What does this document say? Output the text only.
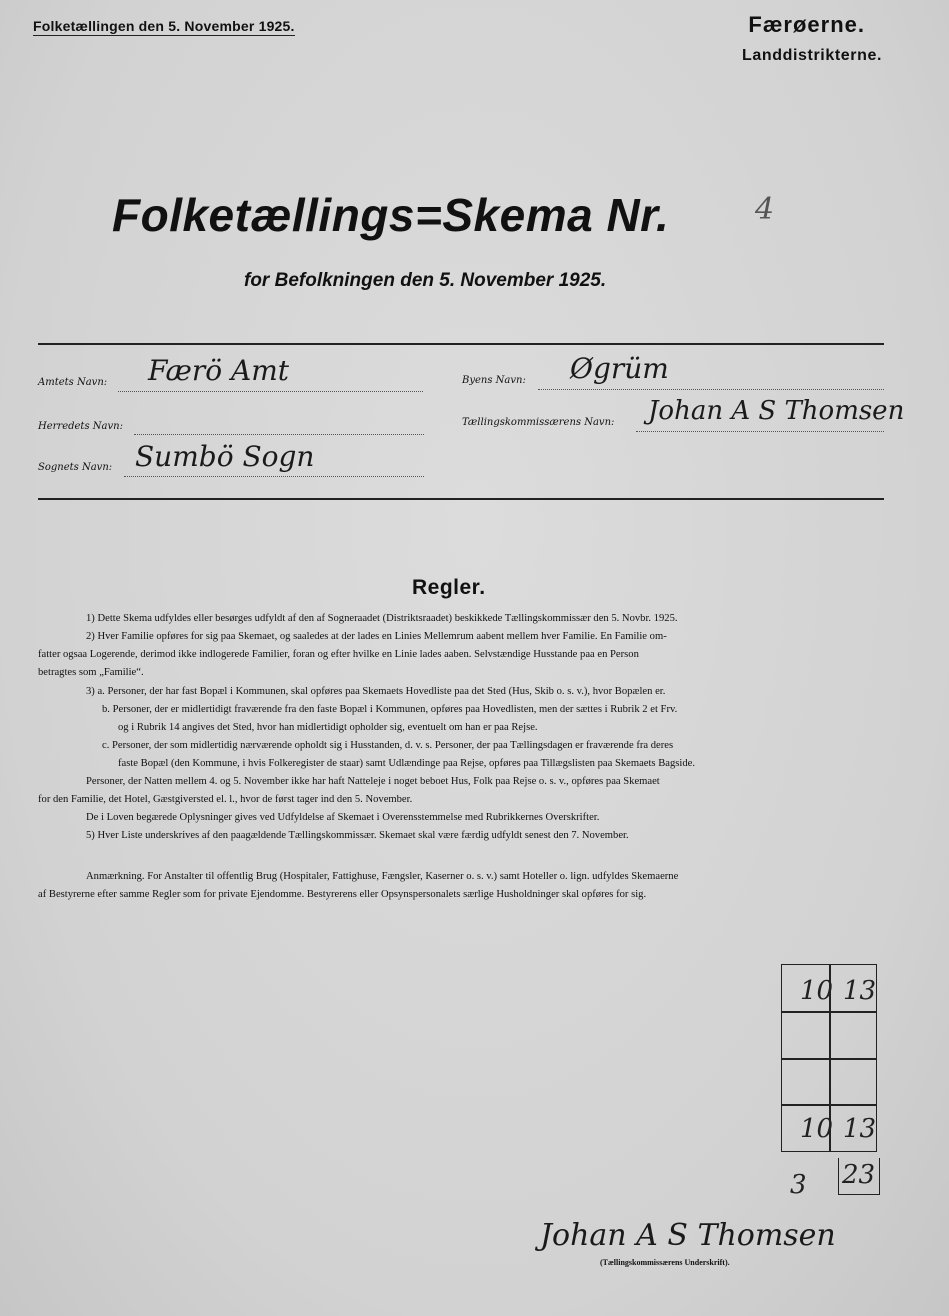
Folketællingen den 5. November 1925.	Færøerne.
Landdistrikterne.
Folketællings=Skema Nr.	4
for Befolkningen den 5. November 1925.
Amtets Navn: Færö Amt	Byens Navn: Øgrüm
Herredets Navn:	Tællingskommissærens Navn: Johan A S Thomsen
Sognets Navn: Sumbö Sogn
Regler.
1) Dette Skema udfyldes eller besørges udfyldt af den af Sogneraadet (Distriktsraadet) beskikkede Tællingskommissær den 5. Novbr. 1925.
2) Hver Familie opføres for sig paa Skemaet, og saaledes at der lades en Linies Mellemrum aabent mellem hver Familie. En Familie om-
fatter ogsaa Logerende, derimod ikke indlogerede Familier, foran og efter hvilke en Linie lades aaben. Selvstændige Husstande paa en Person
betragtes som „Familie“.
3) a. Personer, der har fast Bopæl i Kommunen, skal opføres paa Skemaets Hovedliste paa det Sted (Hus, Skib o. s. v.), hvor Bopælen er.
b. Personer, der er midlertidigt fraværende fra den faste Bopæl i Kommunen, opføres paa Hovedlisten, men der sættes i Rubrik 2 et Frv.
og i Rubrik 14 angives det Sted, hvor han midlertidigt opholder sig, eventuelt om han er paa Rejse.
c. Personer, der som midlertidig nærværende opholdt sig i Husstanden, d. v. s. Personer, der paa Tællingsdagen er fraværende fra deres
faste Bopæl (den Kommune, i hvis Folkeregister de staar) samt Udlændinge paa Rejse, opføres paa Tillægslisten paa Skemaets Bagside.
Personer, der Natten mellem 4. og 5. November ikke har haft Natteleje i noget beboet Hus, Folk paa Rejse o. s. v., opføres paa Skemaet
for den Familie, det Hotel, Gæstgiversted el. l., hvor de først tager ind den 5. November.
De i Loven begærede Oplysninger gives ved Udfyldelse af Skemaet i Overensstemmelse med Rubrikkernes Overskrifter.
5) Hver Liste underskrives af den paagældende Tællingskommissær. Skemaet skal være færdig udfyldt senest den 7. November.
Anmærkning. For Anstalter til offentlig Brug (Hospitaler, Fattighuse, Fængsler, Kaserner o. s. v.) samt Hoteller o. lign. udfyldes Skemaerne
af Bestyrerne efter samme Regler som for private Ejendomme. Bestyrerens eller Opsynspersonalets særlige Husholdninger skal opføres for sig.
10 13
10 13
3 23
Johan A S Thomsen
(Tællingskommissærens Underskrift).
